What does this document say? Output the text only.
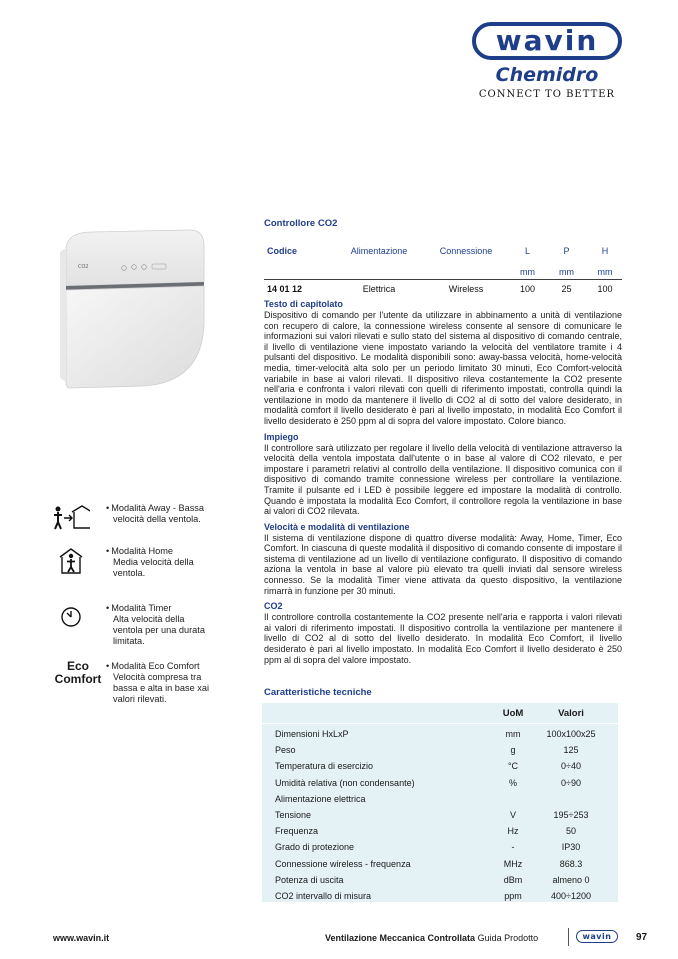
wavin
Chemidro
CONNECT TO BETTER
CO2
• Modalità Away - Bassa
velocità della ventola.
• Modalità Home
Media velocità della ventola.
• Modalità Timer
Alta velocità della ventola per una durata limitata.
Eco Comfort
• Modalità Eco Comfort
Velocità compresa tra bassa e alta in base xai valori rilevati.
Controllore CO2
Codice	Alimentazione	Connessione	L	P	H
mm	mm	mm
14 01 12	Elettrica	Wireless	100	25	100
Testo di capitolato
Dispositivo di comando per l'utente da utilizzare in abbinamento a unità di ventilazione con recupero di calore, la connessione wireless consente al sensore di comunicare le informazioni sui valori rilevati e sullo stato del sistema al dispositivo di comando centrale, il livello di ventilazione viene impostato variando la velocità del ventilatore tramite i 4 pulsanti del dispositivo. Le modalità disponibili sono: away-bassa velocità, home-velocità media, timer-velocità alta solo per un periodo limitato 30 minuti, Eco Comfort-velocità variabile in base ai valori rilevati. Il dispositivo rileva costantemente la CO2 presente nell'aria e confronta i valori rilevati con quelli di riferimento impostati, controlla quindi la ventilazione in modo da mantenere il livello di CO2 al di sotto del valore desiderato, in modalità comfort il livello desiderato è pari al livello impostato, in modalità Eco Comfort il livello desiderato è 250 ppm al di sopra del valore impostato. Colore bianco.
Impiego
Il controllore sarà utilizzato per regolare il livello della velocità di ventilazione attraverso la velocità della ventola impostata dall'utente o in base al valore di CO2 rilevato, e per impostare i parametri relativi al controllo della ventilazione. Il dispositivo comunica con il dispositivo di comando tramite connessione wireless per controllare la ventilazione. Tramite il pulsante ed i LED è possibile leggere ed impostare la modalità di controllo. Quando è impostata la modalità Eco Comfort, il controllore regola la ventilazione in base ai valori di CO2 rilevata.
Velocità e modalità di ventilazione
Il sistema di ventilazione dispone di quattro diverse modalità: Away, Home, Timer, Eco Comfort. In ciascuna di queste modalità il dispositivo di comando consente di impostare il sistema di ventilazione ad un livello di ventilazione configurato. Il dispositivo di comando aziona la ventola in base al valore più elevato tra quelli inviati dal sensore wireless connesso. Se la modalità Timer viene attivata da questo dispositivo, la ventilazione rimarrà in funzione per 30 minuti.
CO2
Il controllore controlla costantemente la CO2 presente nell'aria e rapporta i valori rilevati ai valori di riferimento impostati. Il dispositivo controlla la ventilazione per mantenere il livello di CO2 al di sotto del livello desiderato. In modalità Eco Comfort, il livello desiderato è pari al livello impostato. In modalità Eco Comfort il livello desiderato è 250 ppm al di sopra del valore impostato.
Caratteristiche tecniche
UoM	Valori
Dimensioni HxLxP	mm	100x100x25
Peso	g	125
Temperatura di esercizio	°C	0÷40
Umidità relativa (non condensante)	%	0÷90
Alimentazione elettrica
Tensione	V	195÷253
Frequenza	Hz	50
Grado di protezione	-	IP30
Connessione wireless - frequenza	MHz	868.3
Potenza di uscita	dBm	almeno 0
CO2 intervallo di misura	ppm	400÷1200
www.wavin.it	Ventilazione Meccanica Controllata Guida Prodotto	wavin 97
